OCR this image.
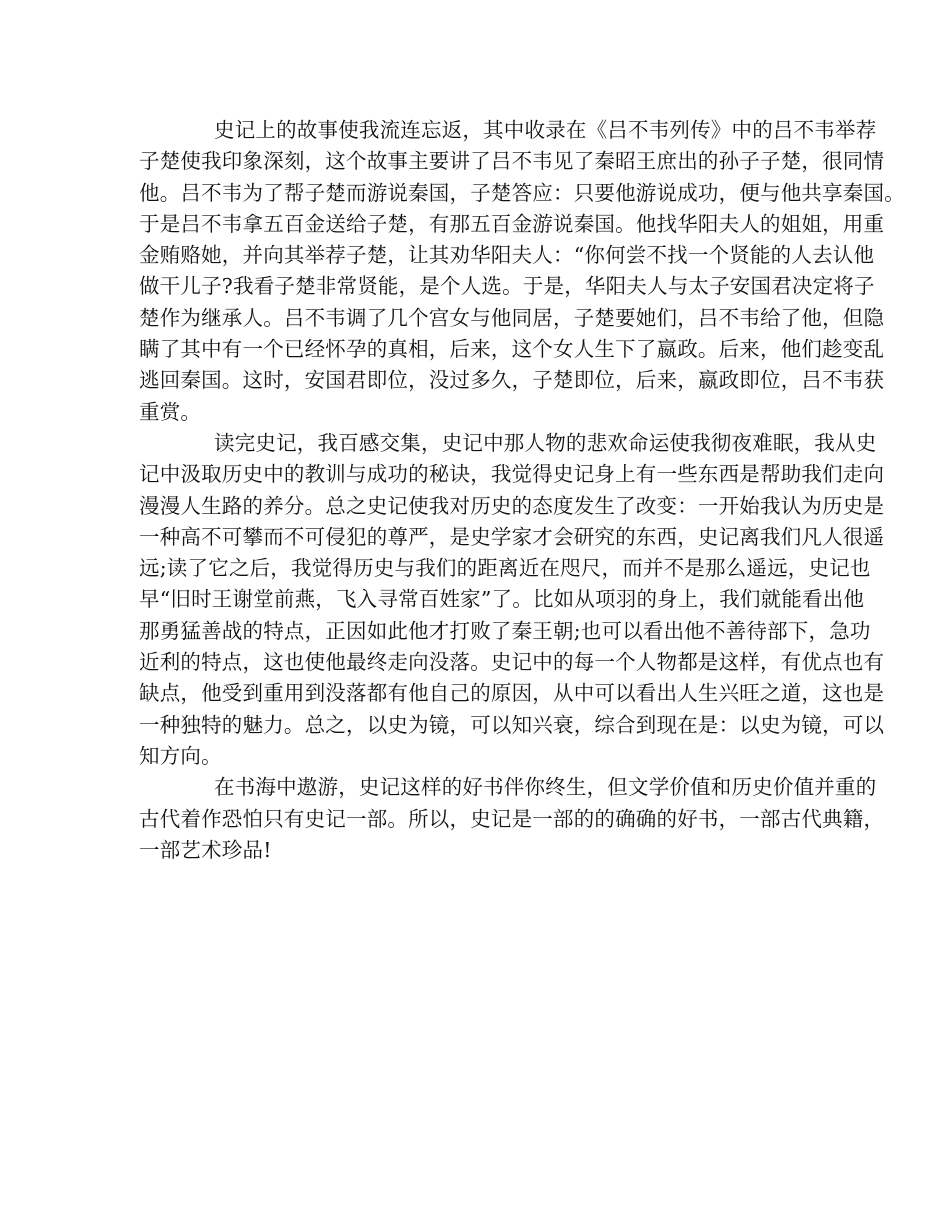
史记上的故事使我流连忘返，其中收录在《吕不韦列传》中的吕不韦举荐
子楚使我印象深刻，这个故事主要讲了吕不韦见了秦昭王庶出的孙子子楚，很同情
他。吕不韦为了帮子楚而游说秦国，子楚答应：只要他游说成功，便与他共享秦国。
于是吕不韦拿五百金送给子楚，有那五百金游说秦国。他找华阳夫人的姐姐，用重
金贿赂她，并向其举荐子楚，让其劝华阳夫人：“你何尝不找一个贤能的人去认他
做干儿子?我看子楚非常贤能，是个人选。于是，华阳夫人与太子安国君决定将子
楚作为继承人。吕不韦调了几个宫女与他同居，子楚要她们，吕不韦给了他，但隐
瞒了其中有一个已经怀孕的真相，后来，这个女人生下了嬴政。后来，他们趁变乱
逃回秦国。这时，安国君即位，没过多久，子楚即位，后来，嬴政即位，吕不韦获
重赏。
读完史记，我百感交集，史记中那人物的悲欢命运使我彻夜难眠，我从史
记中汲取历史中的教训与成功的秘诀，我觉得史记身上有一些东西是帮助我们走向
漫漫人生路的养分。总之史记使我对历史的态度发生了改变：一开始我认为历史是
一种高不可攀而不可侵犯的尊严，是史学家才会研究的东西，史记离我们凡人很遥
远;读了它之后，我觉得历史与我们的距离近在咫尺，而并不是那么遥远，史记也
早“旧时王谢堂前燕，飞入寻常百姓家”了。比如从项羽的身上，我们就能看出他
那勇猛善战的特点，正因如此他才打败了秦王朝;也可以看出他不善待部下，急功
近利的特点，这也使他最终走向没落。史记中的每一个人物都是这样，有优点也有
缺点，他受到重用到没落都有他自己的原因，从中可以看出人生兴旺之道，这也是
一种独特的魅力。总之，以史为镜，可以知兴衰，综合到现在是：以史为镜，可以
知方向。
在书海中遨游，史记这样的好书伴你终生，但文学价值和历史价值并重的
古代着作恐怕只有史记一部。所以，史记是一部的的确确的好书，一部古代典籍，
一部艺术珍品!
